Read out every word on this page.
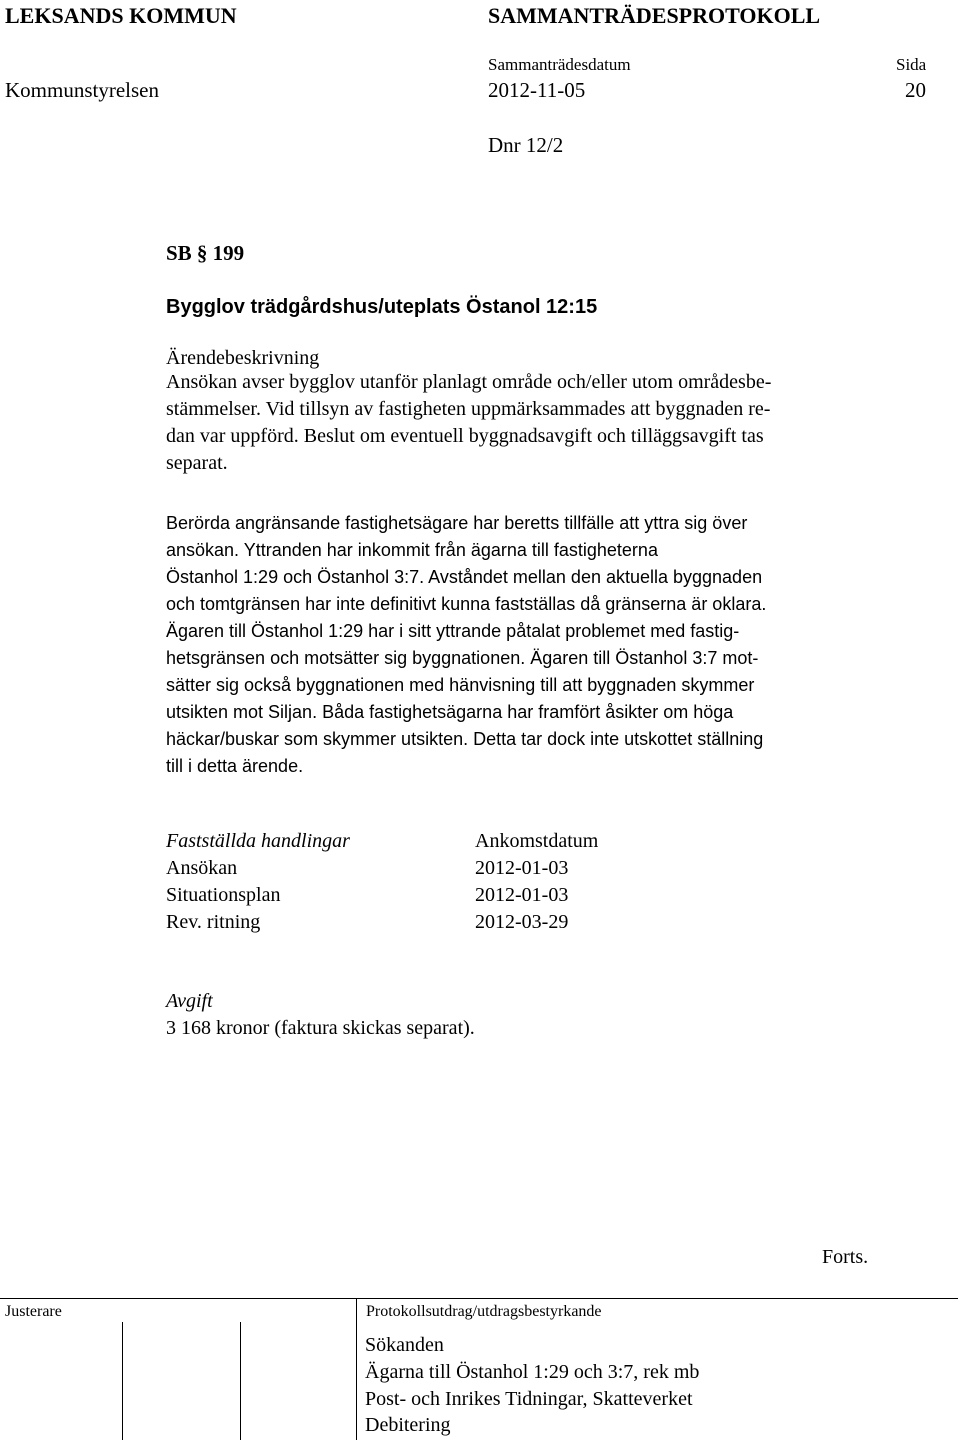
LEKSANDS KOMMUN	SAMMANTRÄDESPROTOKOLL
Sammanträdesdatum	Sida
Kommunstyrelsen	2012-11-05	20
Dnr 12/2
SB § 199
Bygglov trädgårdshus/uteplats Östanol 12:15
Ärendebeskrivning
Ansökan avser bygglov utanför planlagt område och/eller utom områdesbe-
stämmelser. Vid tillsyn av fastigheten uppmärksammades att byggnaden re-
dan var uppförd. Beslut om eventuell byggnadsavgift och tilläggsavgift tas
separat.
Berörda angränsande fastighetsägare har beretts tillfälle att yttra sig över
ansökan. Yttranden har inkommit från ägarna till fastigheterna
Östanhol 1:29 och Östanhol 3:7. Avståndet mellan den aktuella byggnaden
och tomtgränsen har inte definitivt kunna fastställas då gränserna är oklara.
Ägaren till Östanhol 1:29 har i sitt yttrande påtalat problemet med fastig-
hetsgränsen och motsätter sig byggnationen. Ägaren till Östanhol 3:7 mot-
sätter sig också byggnationen med hänvisning till att byggnaden skymmer
utsikten mot Siljan. Båda fastighetsägarna har framfört åsikter om höga
häckar/buskar som skymmer utsikten. Detta tar dock inte utskottet ställning
till i detta ärende.
Fastställda handlingar	Ankomstdatum
Ansökan	2012-01-03
Situationsplan	2012-01-03
Rev. ritning	2012-03-29
Avgift
3 168 kronor (faktura skickas separat).
Forts.
Justerare	Protokollsutdrag/utdragsbestyrkande
Sökanden
Ägarna till Östanhol 1:29 och 3:7, rek mb
Post- och Inrikes Tidningar, Skatteverket
Debitering
